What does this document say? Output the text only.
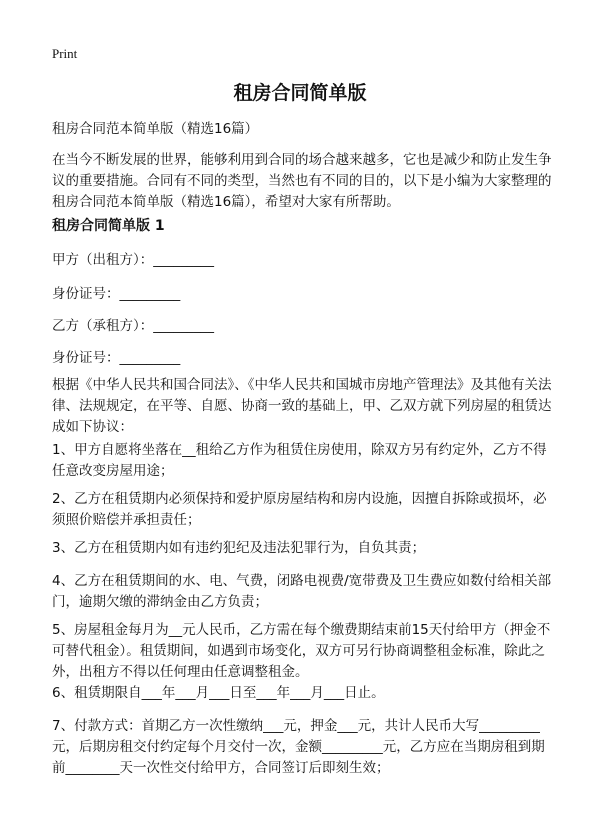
Print
租房合同简单版

租房合同范本简单版（精选16篇）

在当今不断发展的世界，能够利用到合同的场合越来越多，它也是减少和防止发生争议的重要措施。合同有不同的类型，当然也有不同的目的，以下是小编为大家整理的租房合同范本简单版（精选16篇），希望对大家有所帮助。

租房合同简单版 1

甲方（出租方）：_________

身份证号：_________

乙方（承租方）：_________

身份证号：_________

根据《中华人民共和国合同法》、《中华人民共和国城市房地产管理法》及其他有关法律、法规规定，在平等、自愿、协商一致的基础上，甲、乙双方就下列房屋的租赁达成如下协议：

1、甲方自愿将坐落在__租给乙方作为租赁住房使用，除双方另有约定外，乙方不得任意改变房屋用途；

2、乙方在租赁期内必须保持和爱护原房屋结构和房内设施，因擅自拆除或损坏，必须照价赔偿并承担责任；

3、乙方在租赁期内如有违约犯纪及违法犯罪行为，自负其责；

4、乙方在租赁期间的水、电、气费，闭路电视费/宽带费及卫生费应如数付给相关部门，逾期欠缴的滞纳金由乙方负责；

5、房屋租金每月为__元人民币，乙方需在每个缴费期结束前15天付给甲方（押金不可替代租金）。租赁期间，如遇到市场变化，双方可另行协商调整租金标准，除此之外，出租方不得以任何理由任意调整租金。

6、租赁期限自___年___月___日至___年___月___日止。

7、付款方式：首期乙方一次性缴纳___元，押金___元，共计人民币大写_________元，后期房租交付约定每个月交付一次，金额_________元，乙方应在当期房租到期前________天一次性交付给甲方，合同签订后即刻生效；
